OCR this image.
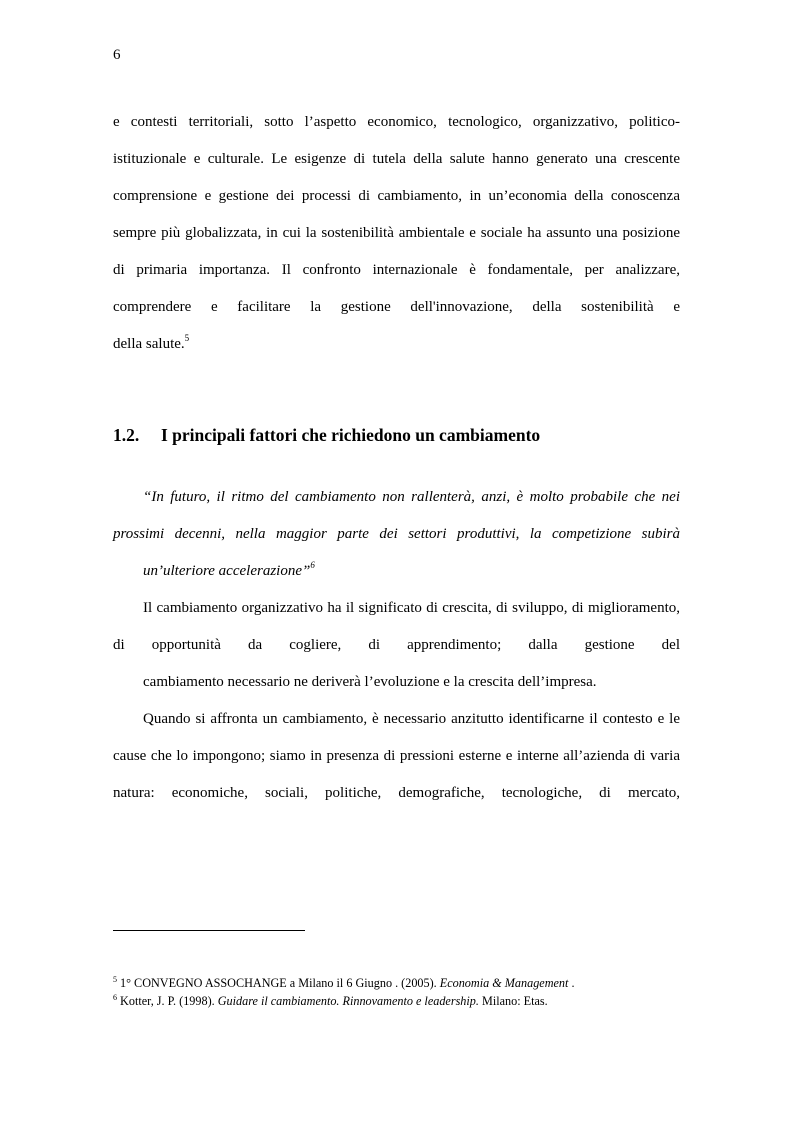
6
e contesti territoriali, sotto l’aspetto economico, tecnologico, organizzativo, politico- istituzionale e culturale. Le esigenze di tutela della salute hanno generato una crescente comprensione e gestione dei processi di cambiamento, in un’economia della conoscenza sempre più globalizzata, in cui la sostenibilità ambientale e sociale ha assunto una posizione di primaria importanza. Il confronto internazionale è fondamentale, per analizzare, comprendere e facilitare la gestione dell'innovazione, della sostenibilità e
della salute.$^5$
1.2. I principali fattori che richiedono un cambiamento
“In futuro, il ritmo del cambiamento non rallenterà, anzi, è molto probabile che nei prossimi decenni, nella maggior parte dei settori produttivi, la competizione subirà
un’ulteriore accelerazione”$^6$
Il cambiamento organizzativo ha il significato di crescita, di sviluppo, di miglioramento, di opportunità da cogliere, di apprendimento; dalla gestione del
cambiamento necessario ne deriverà l’evoluzione e la crescita dell’impresa.
Quando si affronta un cambiamento, è necessario anzitutto identificarne il contesto e le cause che lo impongono; siamo in presenza di pressioni esterne e interne all’azienda di varia natura: economiche, sociali, politiche, demografiche, tecnologiche, di mercato,
$^5$ 1° CONVEGNO ASSOCHANGE a Milano il 6 Giugno . (2005). Economia & Management .
$^6$ Kotter, J. P. (1998). Guidare il cambiamento. Rinnovamento e leadership. Milano: Etas.
